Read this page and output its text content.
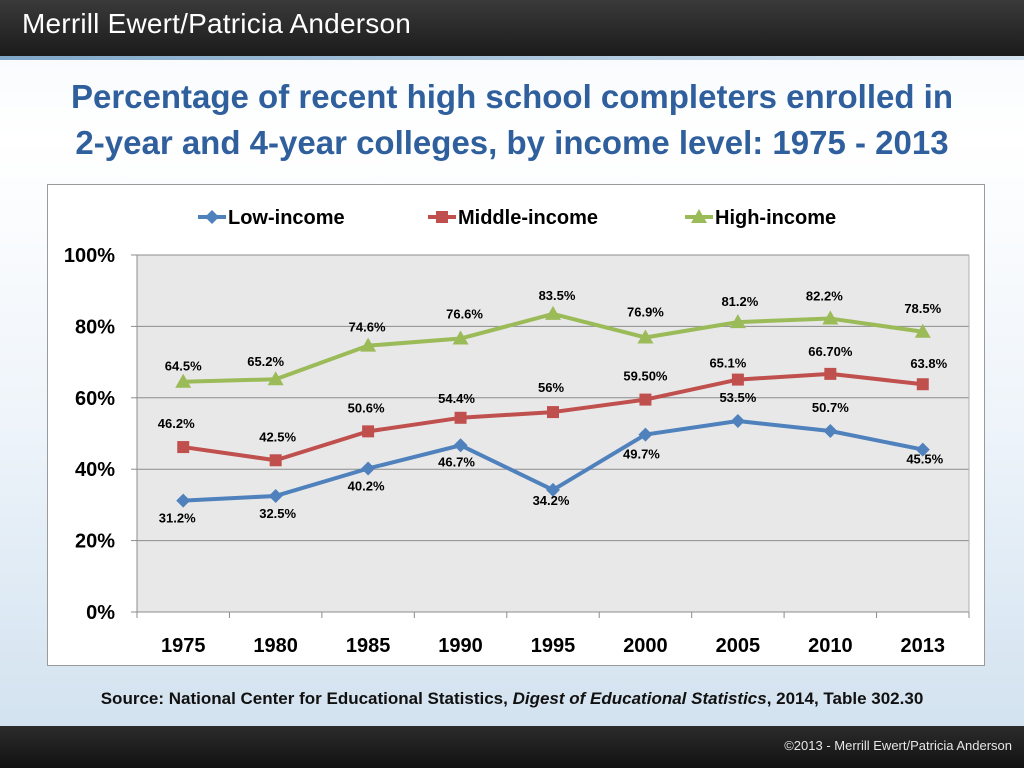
Merrill Ewert/Patricia Anderson
Percentage of recent high school completers enrolled in
2-year and 4-year colleges, by income level: 1975 - 2013
0%
20%
40%
60%
80%
100%
1975 1980 1985 1990 1995 2000 2005 2010 2013
31.2%	32.5%
40.2%
46.7%
34.2%
49.7%
53.5%
50.7%
45.5%
46.2%
42.5%
50.6%
54.4%
56%
59.50%
65.1%
66.70%
63.8%
64.5%	65.2%
74.6%
76.6%
83.5%
76.9%
81.2%	82.2%
78.5%
Low-income	Middle-income	High-income
Source: National Center for Educational Statistics, Digest of Educational Statistics, 2014, Table 302.30
©2013 - Merrill Ewert/Patricia Anderson
